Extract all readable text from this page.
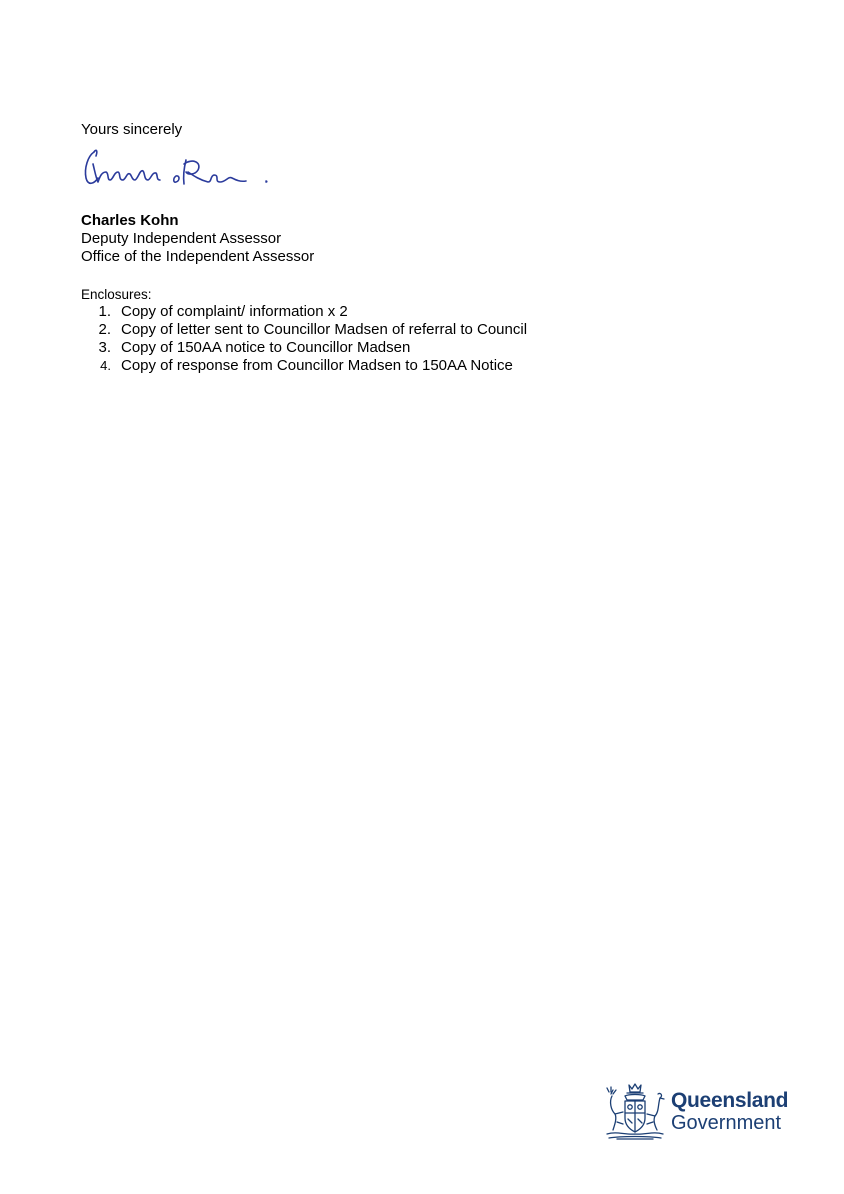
Yours sincerely
Charles Kohn
Deputy Independent Assessor
Office of the Independent Assessor
Enclosures:
1. Copy of complaint/ information x 2
2. Copy of letter sent to Councillor Madsen of referral to Council
3. Copy of 150AA notice to Councillor Madsen
4. Copy of response from Councillor Madsen to 150AA Notice
Queensland
Government
